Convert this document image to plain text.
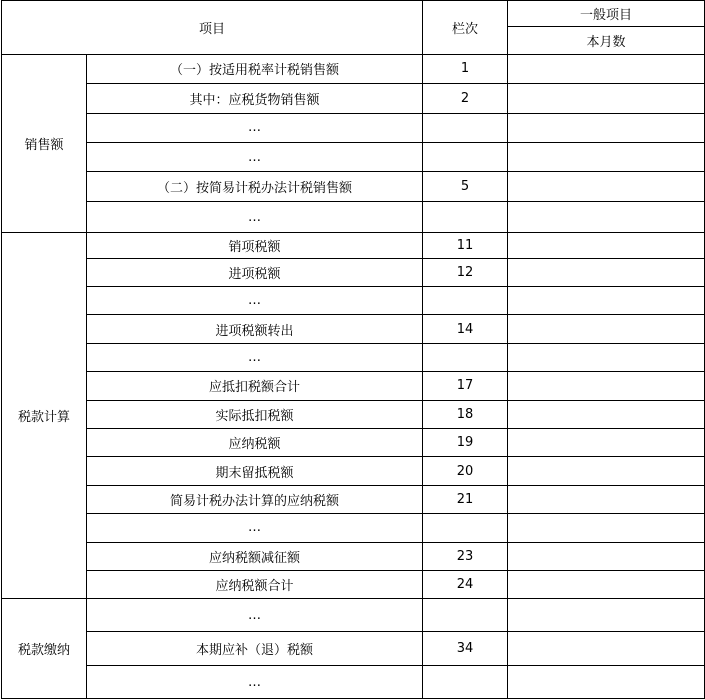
项目		栏次	一般项目
			本月数
销售额	（一）按适用税率计税销售额	1	
	其中：应税货物销售额	2	
	…		
	…		
	（二）按简易计税办法计税销售额	5	
	…		
税款计算	销项税额	11	
	进项税额	12	
	…		
	进项税额转出	14	
	…		
	应抵扣税额合计	17	
	实际抵扣税额	18	
	应纳税额	19	
	期末留抵税额	20	
	简易计税办法计算的应纳税额	21	
	…		
	应纳税额减征额	23	
	应纳税额合计	24	
税款缴纳	…		
	本期应补（退）税额	34	
	…		
